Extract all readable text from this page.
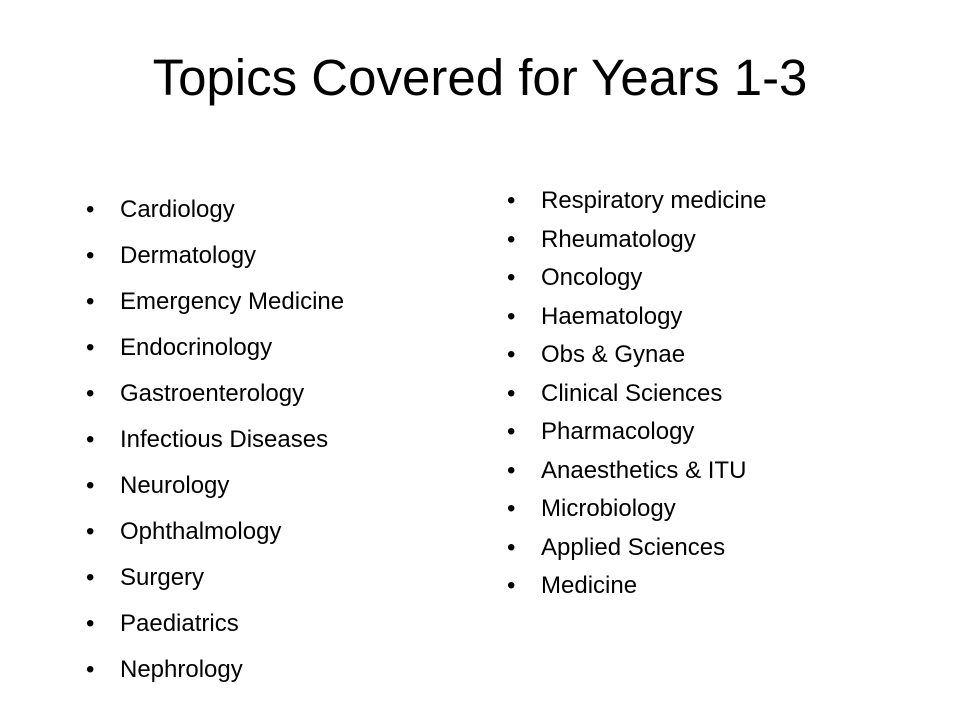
Topics Covered for Years 1-3
• Cardiology
• Dermatology
• Emergency Medicine
• Endocrinology
• Gastroenterology
• Infectious Diseases
• Neurology
• Ophthalmology
• Surgery
• Paediatrics
• Nephrology
• Respiratory medicine
• Rheumatology
• Oncology
• Haematology
• Obs & Gynae
• Clinical Sciences
• Pharmacology
• Anaesthetics & ITU
• Microbiology
• Applied Sciences
• Medicine
